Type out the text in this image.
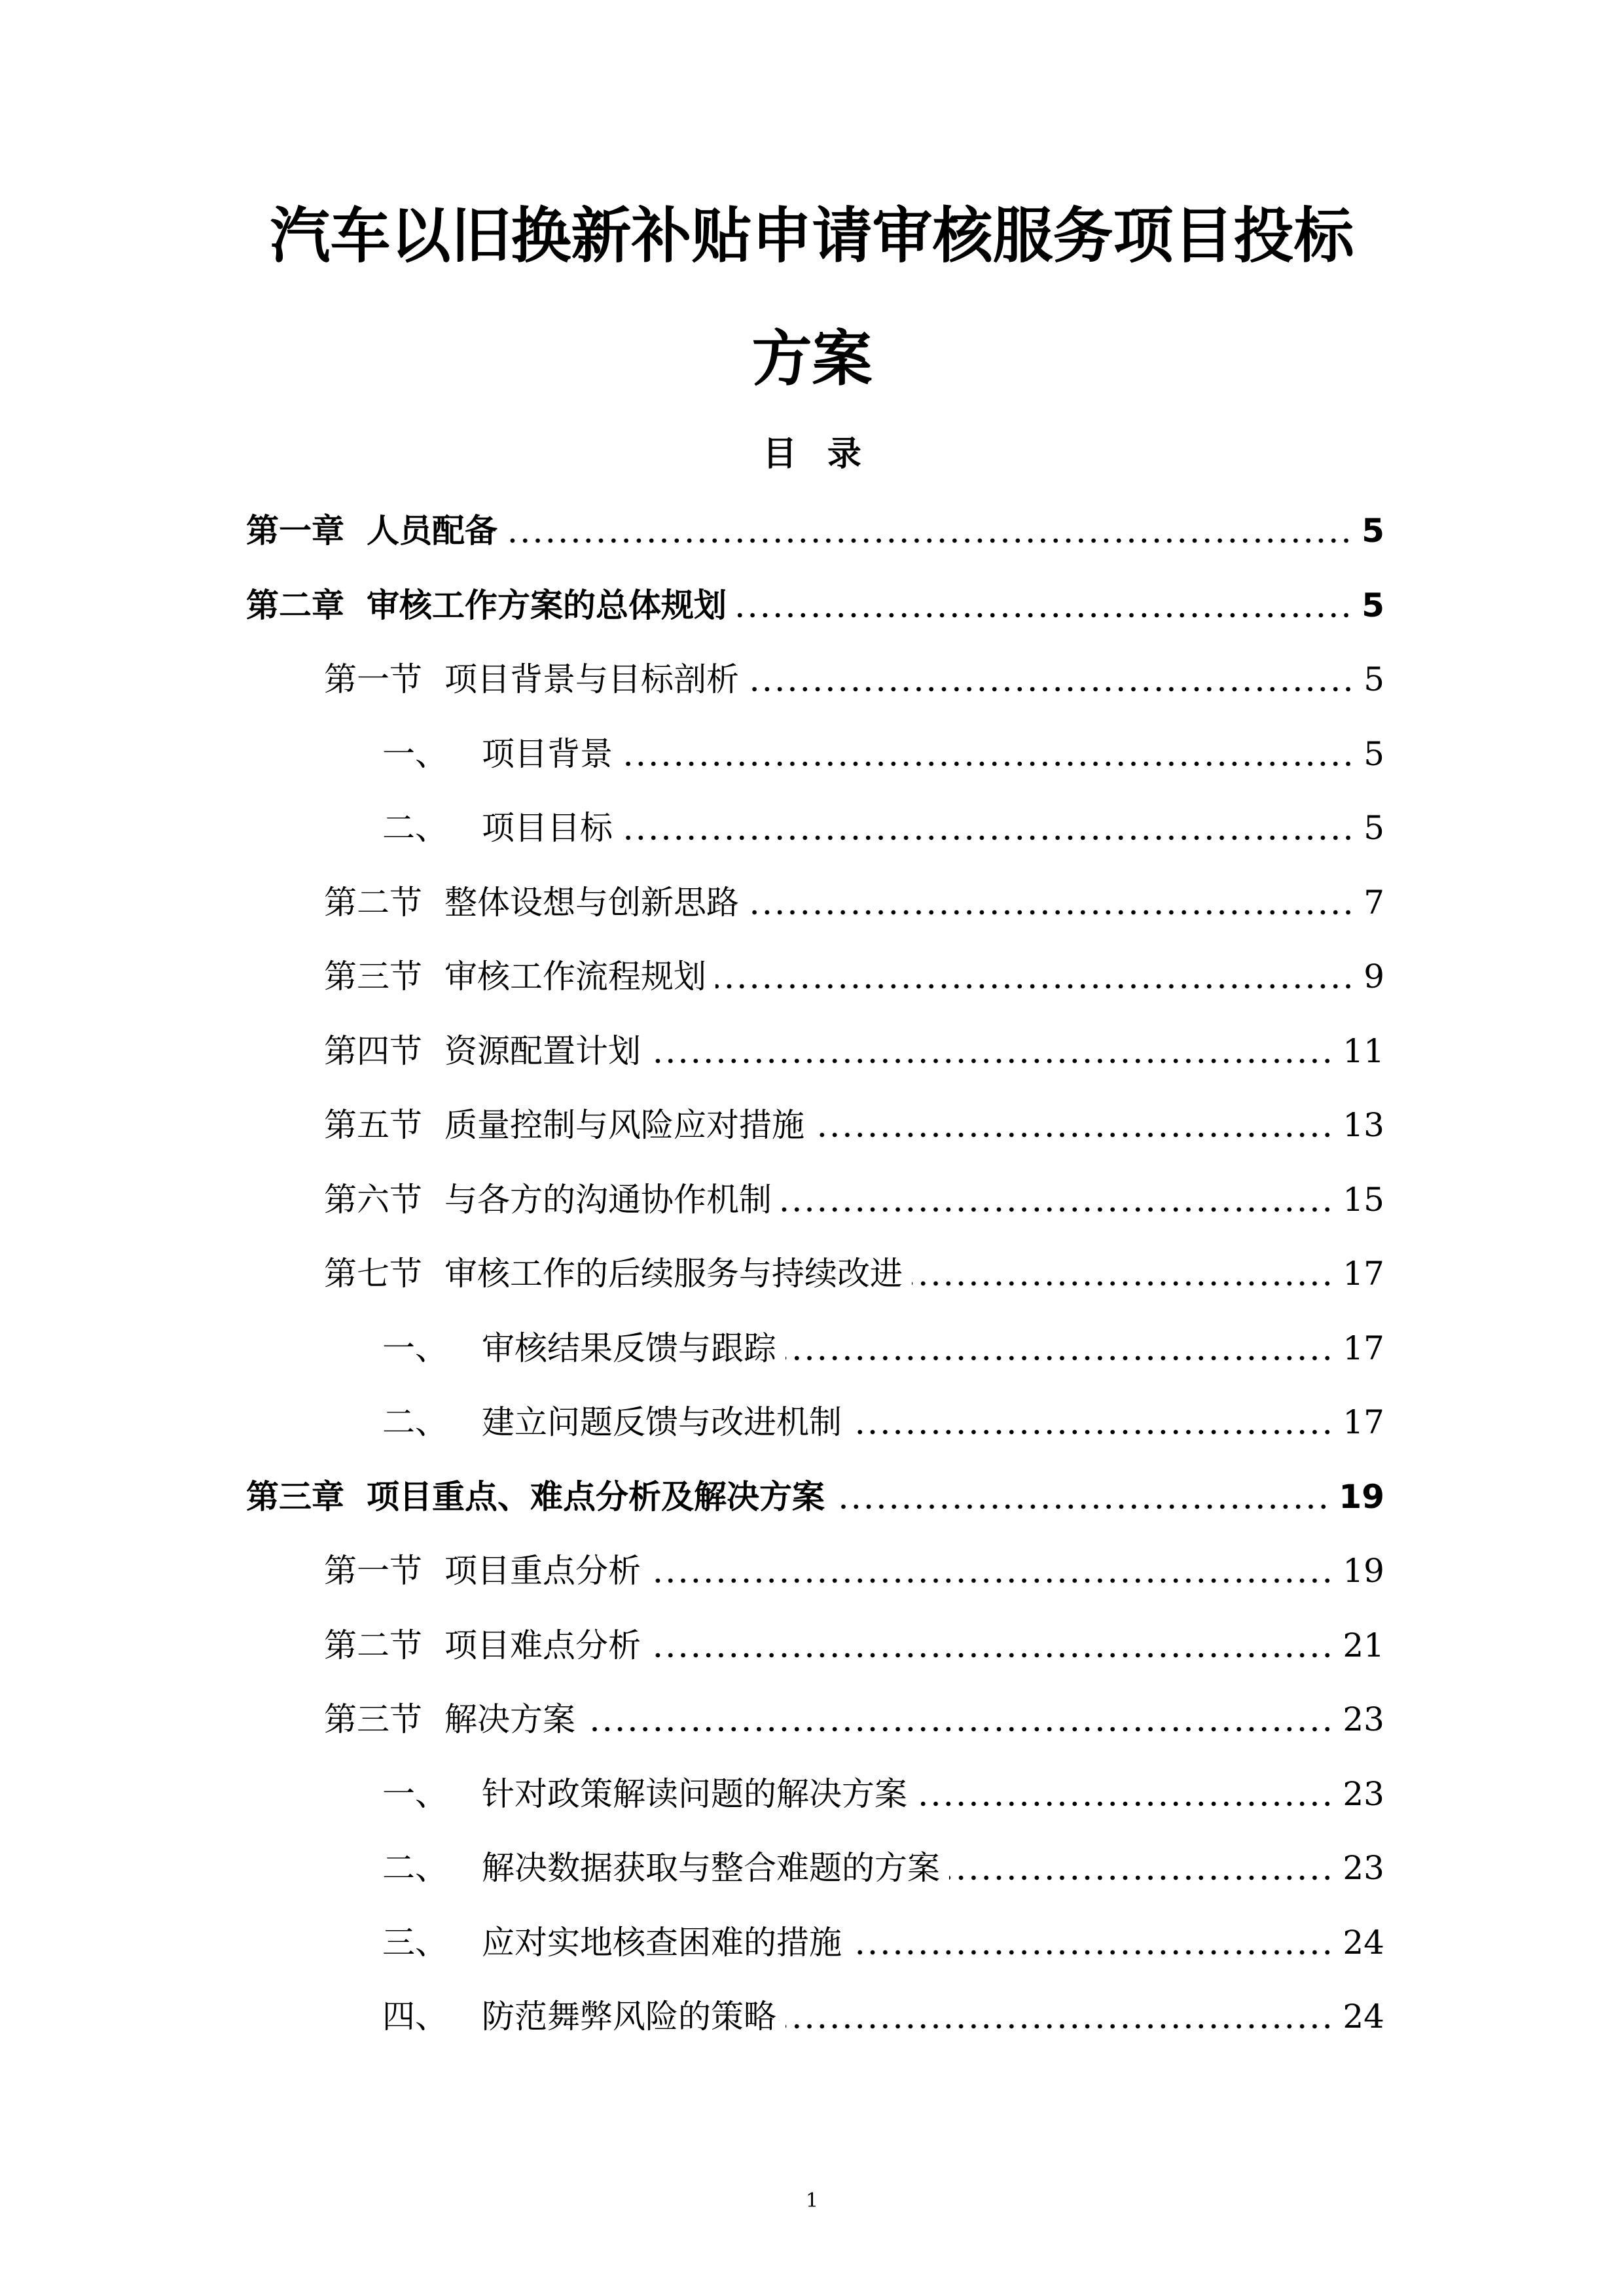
汽车以旧换新补贴申请审核服务项目投标
方案
目录
第一章 人员配备	5
第二章 审核工作方案的总体规划	5
第一节 项目背景与目标剖析	5
一、 项目背景	5
二、 项目目标	5
第二节 整体设想与创新思路	7
第三节 审核工作流程规划	9
第四节 资源配置计划	11
第五节 质量控制与风险应对措施	13
第六节 与各方的沟通协作机制	15
第七节 审核工作的后续服务与持续改进	17
一、 审核结果反馈与跟踪	17
二、 建立问题反馈与改进机制	17
第三章 项目重点、难点分析及解决方案	19
第一节 项目重点分析	19
第二节 项目难点分析	21
第三节 解决方案	23
一、 针对政策解读问题的解决方案	23
二、 解决数据获取与整合难题的方案	23
三、 应对实地核查困难的措施	24
四、 防范舞弊风险的策略	24
1
